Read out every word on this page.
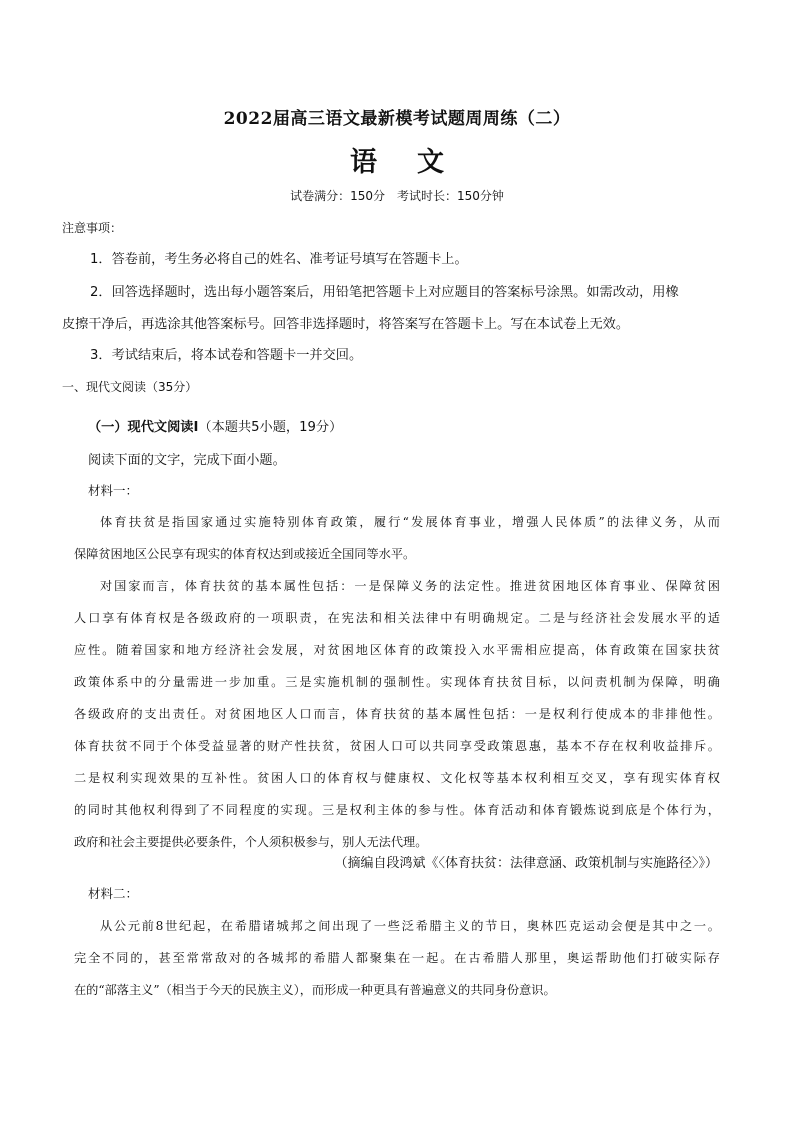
2022届高三语文最新模考试题周周练（二）
语文
试卷满分：150分　考试时长：150分钟
注意事项：
1．答卷前，考生务必将自己的姓名、准考证号填写在答题卡上。
2．回答选择题时，选出每小题答案后，用铅笔把答题卡上对应题目的答案标号涂黑。如需改动，用橡
皮擦干净后，再选涂其他答案标号。回答非选择题时，将答案写在答题卡上。写在本试卷上无效。
3．考试结束后，将本试卷和答题卡一并交回。
一、现代文阅读（35分）
（一）现代文阅读Ⅰ（本题共5小题，19分）
阅读下面的文字，完成下面小题。
材料一：
体育扶贫是指国家通过实施特别体育政策，履行“发展体育事业，增强人民体质”的法律义务，从而
保障贫困地区公民享有现实的体育权达到或接近全国同等水平。
对国家而言，体育扶贫的基本属性包括：一是保障义务的法定性。推进贫困地区体育事业、保障贫困
人口享有体育权是各级政府的一项职责，在宪法和相关法律中有明确规定。二是与经济社会发展水平的适
应性。随着国家和地方经济社会发展，对贫困地区体育的政策投入水平需相应提高，体育政策在国家扶贫
政策体系中的分量需进一步加重。三是实施机制的强制性。实现体育扶贫目标，以问责机制为保障，明确
各级政府的支出责任。对贫困地区人口而言，体育扶贫的基本属性包括：一是权利行使成本的非排他性。
体育扶贫不同于个体受益显著的财产性扶贫，贫困人口可以共同享受政策恩惠，基本不存在权利收益排斥。
二是权利实现效果的互补性。贫困人口的体育权与健康权、文化权等基本权利相互交叉，享有现实体育权
的同时其他权利得到了不同程度的实现。三是权利主体的参与性。体育活动和体育锻炼说到底是个体行为，
政府和社会主要提供必要条件，个人须积极参与，别人无法代理。
（摘编自段鸿斌《〈体育扶贫：法律意涵、政策机制与实施路径〉》）
材料二：
从公元前8世纪起，在希腊诸城邦之间出现了一些泛希腊主义的节日，奥林匹克运动会便是其中之一。
完全不同的，甚至常常敌对的各城邦的希腊人都聚集在一起。在古希腊人那里，奥运帮助他们打破实际存
在的“部落主义”（相当于今天的民族主义），而形成一种更具有普遍意义的共同身份意识。
